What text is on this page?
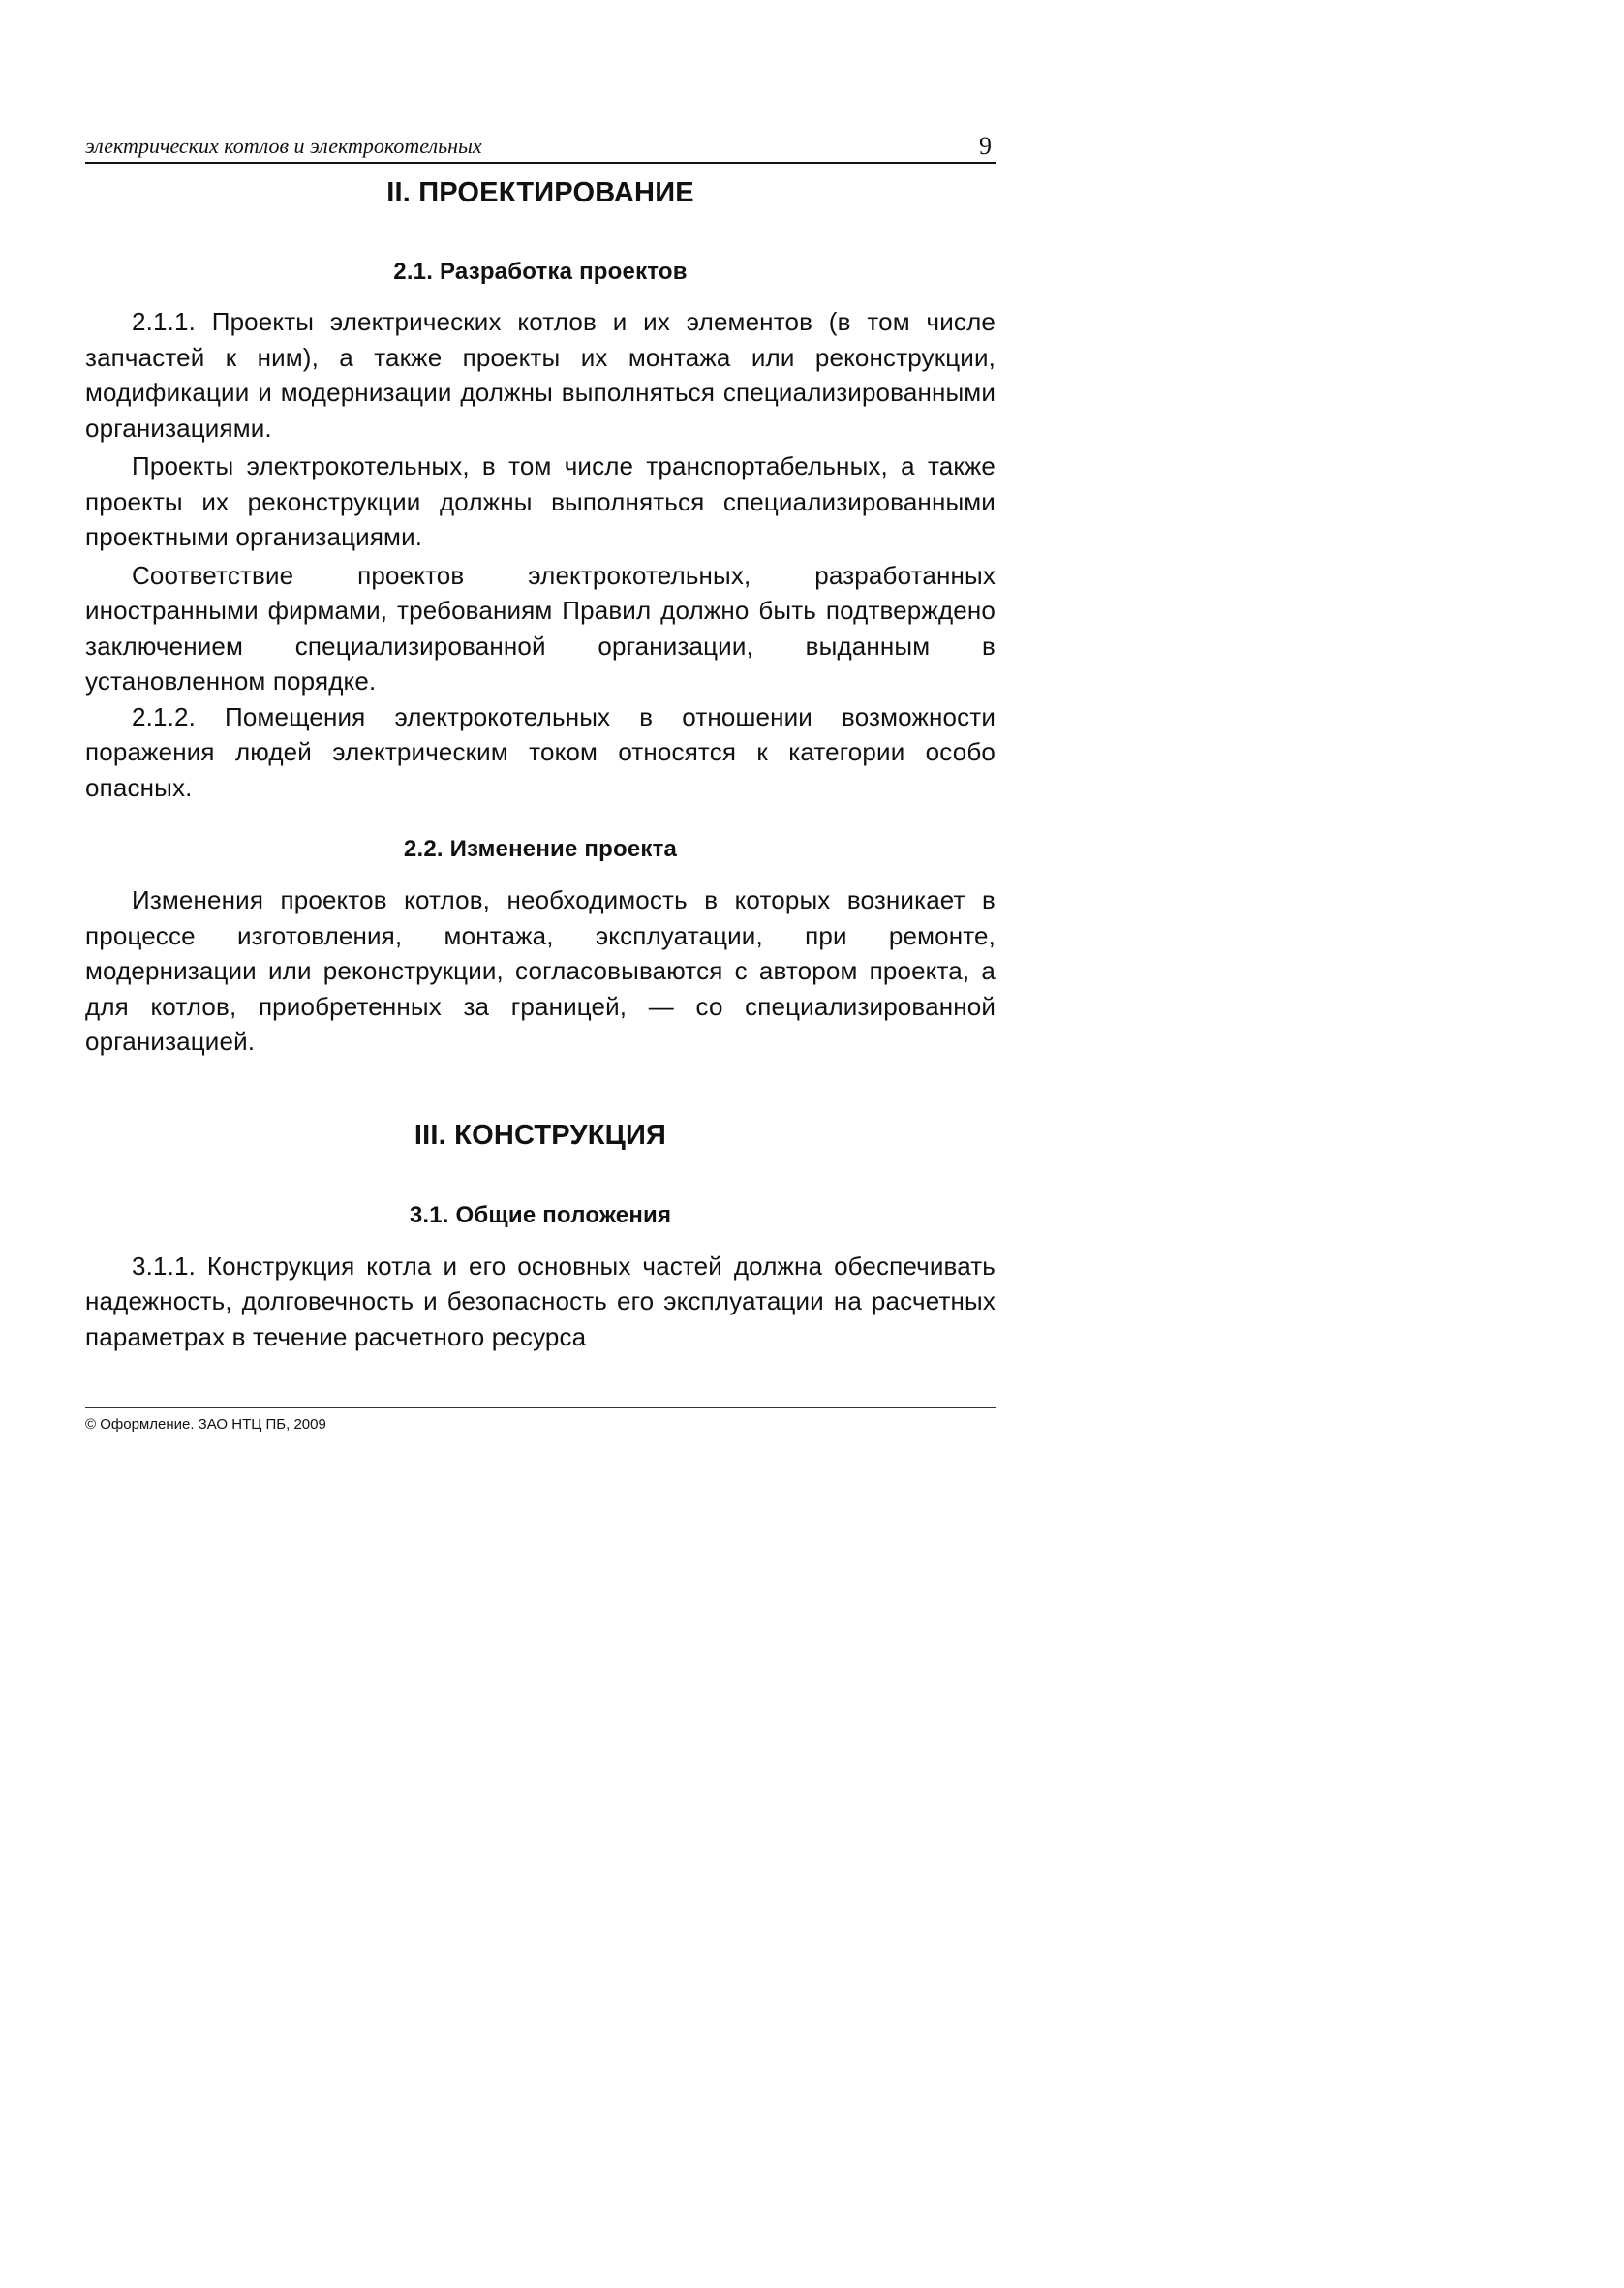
электрических котлов и электрокотельных	9
II. ПРОЕКТИРОВАНИЕ
2.1. Разработка проектов

2.1.1. Проекты электрических котлов и их элементов (в том числе запчастей к ним), а также проекты их монтажа или реконструкции, модификации и модернизации должны выполняться специализированными организациями.

Проекты электрокотельных, в том числе транспортабельных, а также проекты их реконструкции должны выполняться специализированными проектными организациями.

Соответствие проектов электрокотельных, разработанных иностранными фирмами, требованиям Правил должно быть подтверждено заключением специализированной организации, выданным в установленном порядке.

2.1.2. Помещения электрокотельных в отношении возможности поражения людей электрическим током относятся к категории особо опасных.

2.2. Изменение проекта

Изменения проектов котлов, необходимость в которых возникает в процессе изготовления, монтажа, эксплуатации, при ремонте, модернизации или реконструкции, согласовываются с автором проекта, а для котлов, приобретенных за границей, — со специализированной организацией.

III. КОНСТРУКЦИЯ
3.1. Общие положения

3.1.1. Конструкция котла и его основных частей должна обеспечивать надежность, долговечность и безопасность его эксплуатации на расчетных параметрах в течение расчетного ресурса

© Оформление. ЗАО НТЦ ПБ, 2009
